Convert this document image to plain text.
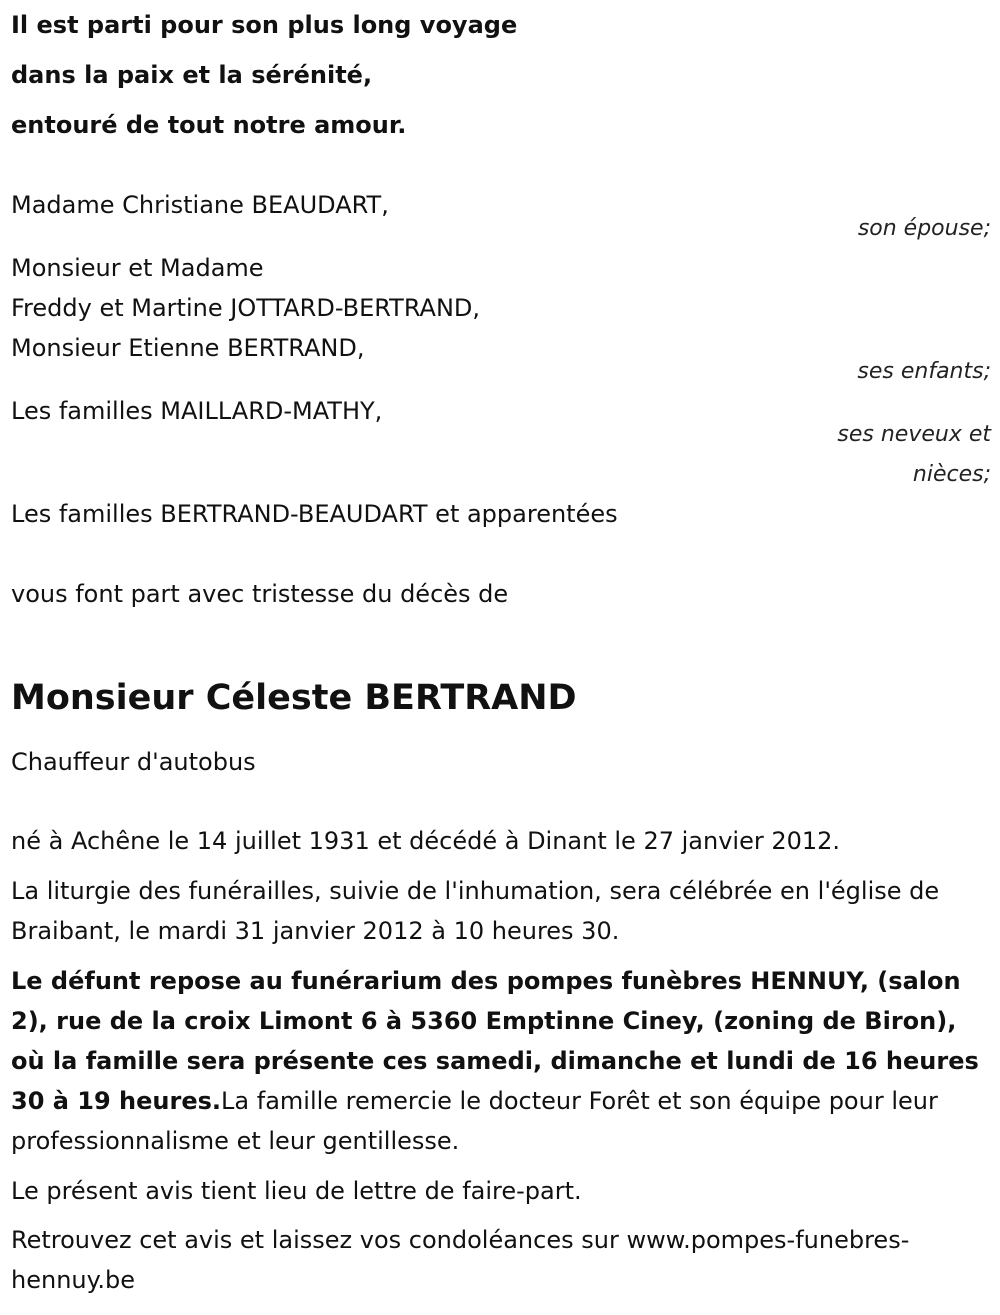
Il est parti pour son plus long voyage
dans la paix et la sérénité,
entouré de tout notre amour.
Madame Christiane BEAUDART,
son épouse;
Monsieur et Madame
Freddy et Martine JOTTARD-BERTRAND,
Monsieur Etienne BERTRAND,
ses enfants;
Les familles MAILLARD-MATHY,
ses neveux et
nièces;
Les familles BERTRAND-BEAUDART et apparentées
vous font part avec tristesse du décès de
Monsieur Céleste BERTRAND
Chauffeur d'autobus
né à Achêne le 14 juillet 1931 et décédé à Dinant le 27 janvier 2012.

La liturgie des funérailles, suivie de l'inhumation, sera célébrée en l'église de Braibant, le mardi 31 janvier 2012 à 10 heures 30.

Le défunt repose au funérarium des pompes funèbres HENNUY, (salon 2), rue de la croix Limont 6 à 5360 Emptinne Ciney, (zoning de Biron), où la famille sera présente ces samedi, dimanche et lundi de 16 heures 30 à 19 heures.La famille remercie le docteur Forêt et son équipe pour leur professionnalisme et leur gentillesse.

Le présent avis tient lieu de lettre de faire-part.

Retrouvez cet avis et laissez vos condoléances sur www.pompes-funebres-hennuy.be
